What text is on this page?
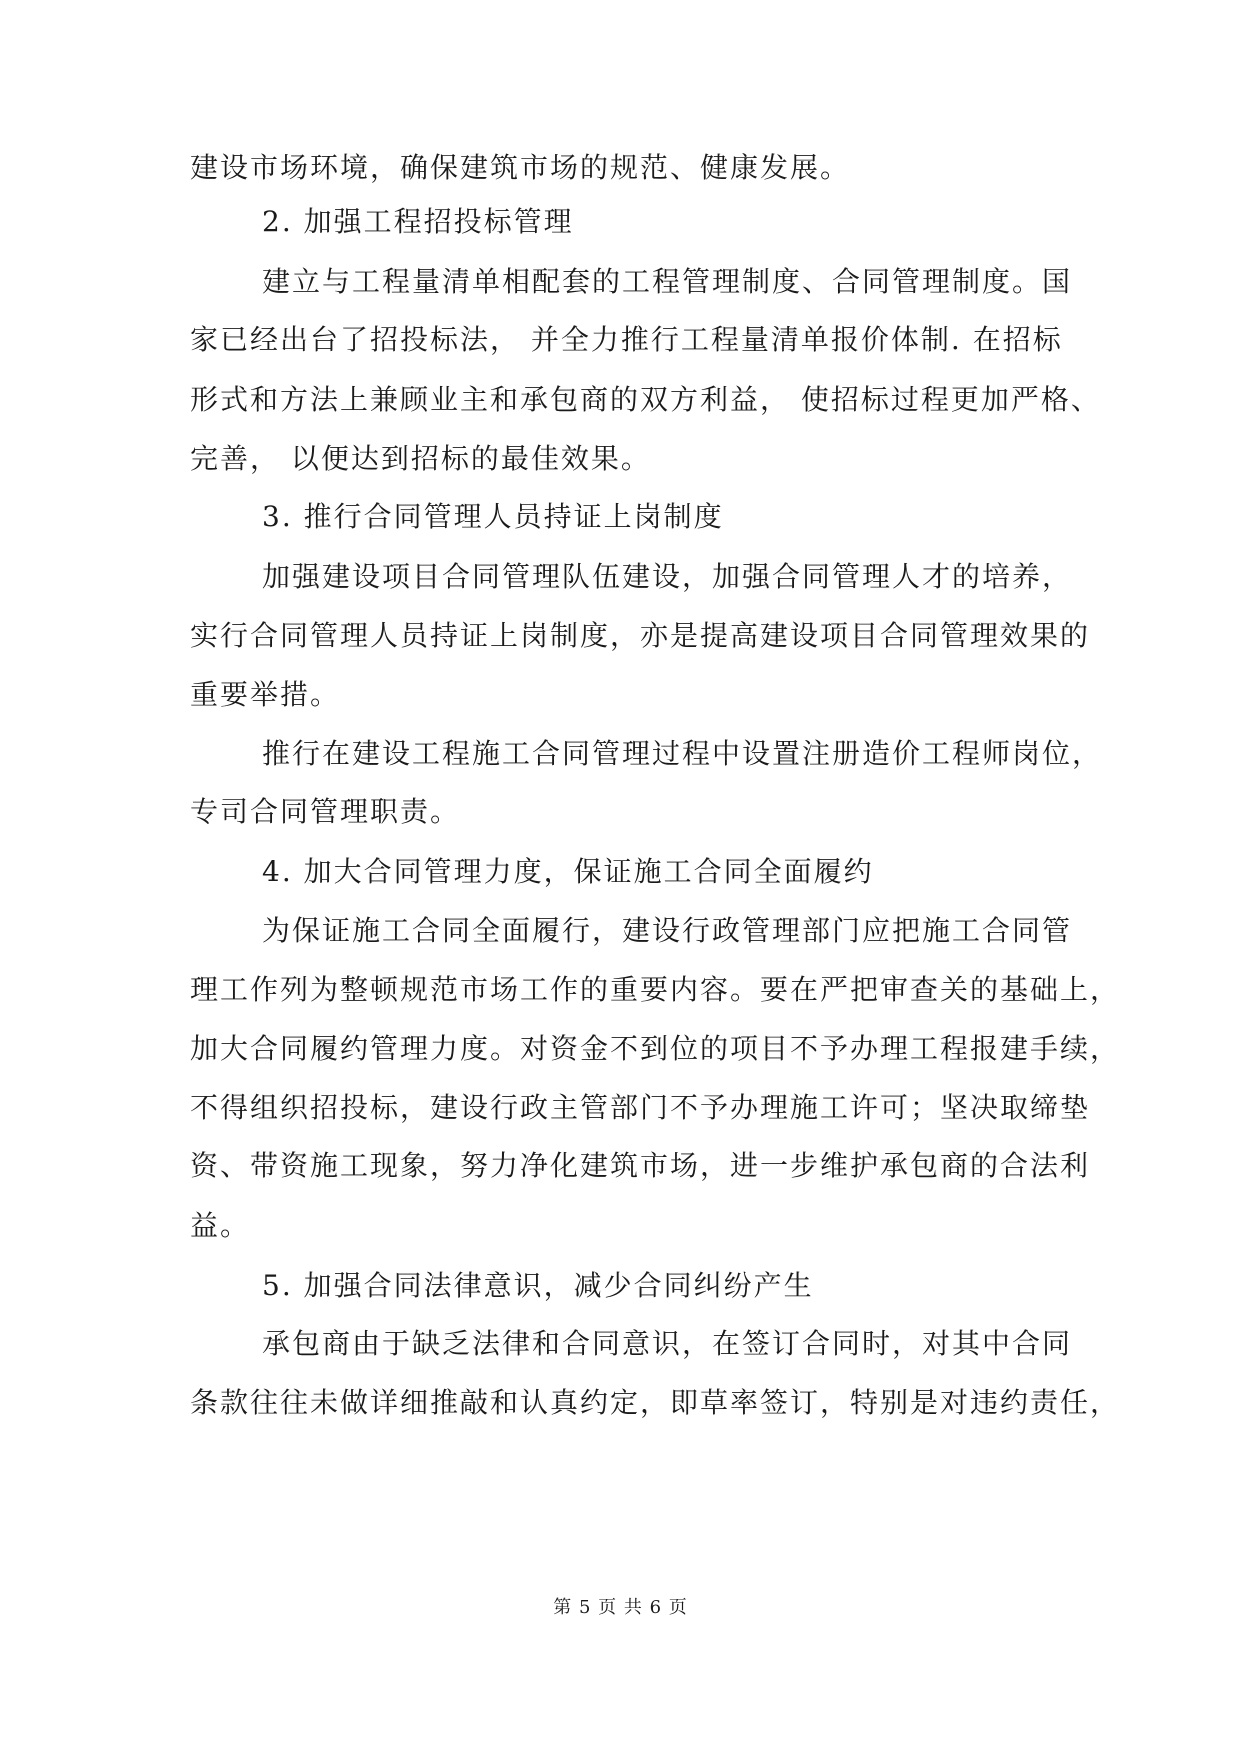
建设市场环境，确保建筑市场的规范、健康发展。
2. 加强工程招投标管理
建立与工程量清单相配套的工程管理制度、合同管理制度。国
家已经出台了招投标法， 并全力推行工程量清单报价体制. 在招标
形式和方法上兼顾业主和承包商的双方利益， 使招标过程更加严格、
完善， 以便达到招标的最佳效果。
3. 推行合同管理人员持证上岗制度
加强建设项目合同管理队伍建设，加强合同管理人才的培养，
实行合同管理人员持证上岗制度，亦是提高建设项目合同管理效果的
重要举措。
推行在建设工程施工合同管理过程中设置注册造价工程师岗位，
专司合同管理职责。
4. 加大合同管理力度，保证施工合同全面履约
为保证施工合同全面履行，建设行政管理部门应把施工合同管
理工作列为整顿规范市场工作的重要内容。要在严把审查关的基础上，
加大合同履约管理力度。对资金不到位的项目不予办理工程报建手续，
不得组织招投标，建设行政主管部门不予办理施工许可；坚决取缔垫
资、带资施工现象，努力净化建筑市场，进一步维护承包商的合法利
益。
5. 加强合同法律意识，减少合同纠纷产生
承包商由于缺乏法律和合同意识，在签订合同时，对其中合同
条款往往未做详细推敲和认真约定，即草率签订，特别是对违约责任，
第 5 页 共 6 页
